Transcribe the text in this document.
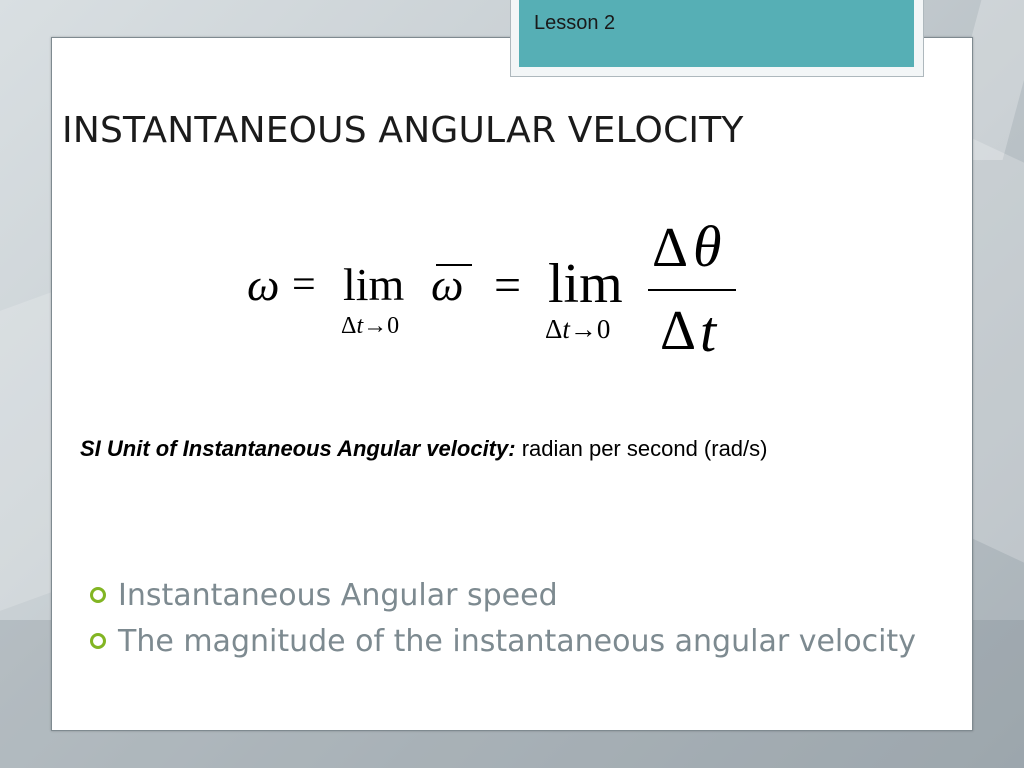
Lesson 2
INSTANTANEOUS ANGULAR VELOCITY
ω = lim
Δt→0
ω = lim
Δt→0
Δ θ
Δ t
SI Unit of Instantaneous Angular velocity: radian per second (rad/s)
Instantaneous Angular speed
The magnitude of the instantaneous angular velocity
